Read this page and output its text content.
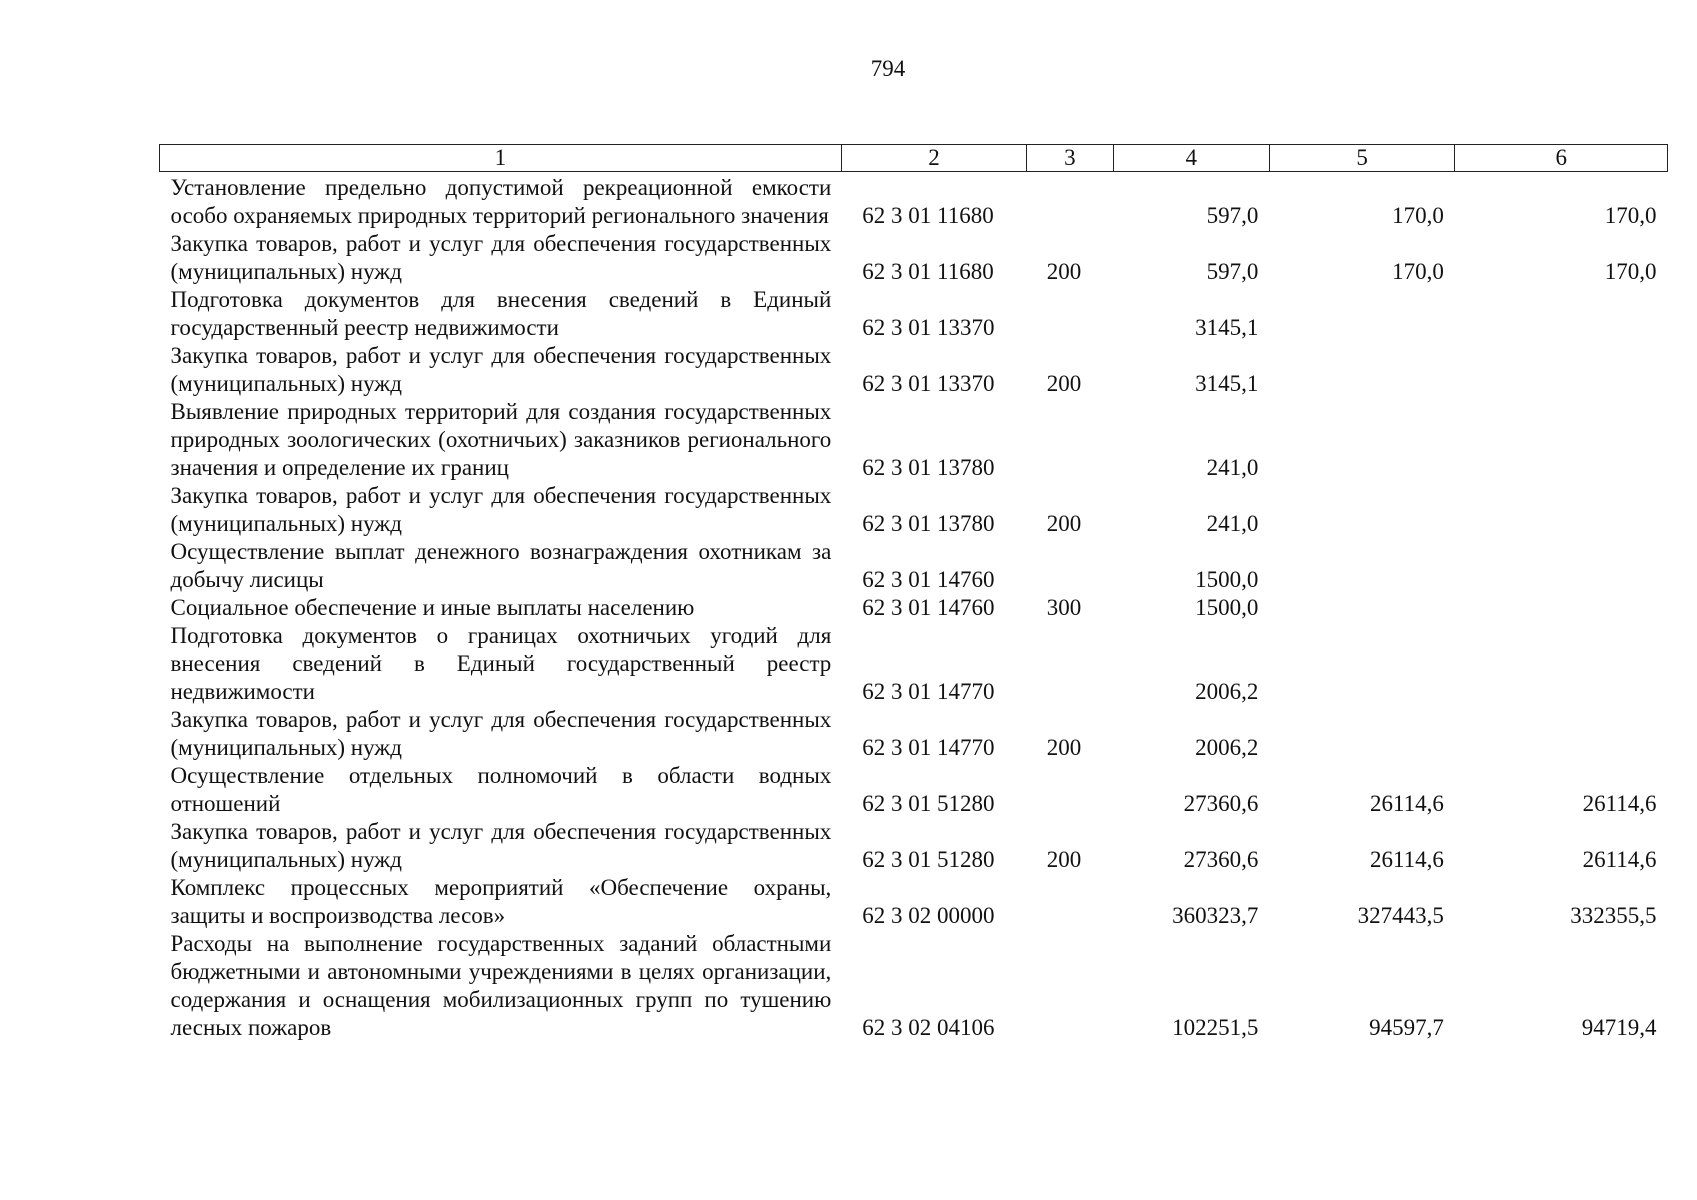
794
1	2	3	4	5	6
Установление предельно допустимой рекреационной емкости особо охраняемых природных территорий регионального значения	62 3 01 11680		597,0	170,0	170,0
Закупка товаров, работ и услуг для обеспечения государственных (муниципальных) нужд	62 3 01 11680	200	597,0	170,0	170,0
Подготовка документов для внесения сведений в Единый государственный реестр недвижимости	62 3 01 13370		3145,1		
Закупка товаров, работ и услуг для обеспечения государственных (муниципальных) нужд	62 3 01 13370	200	3145,1		
Выявление природных территорий для создания государственных природных зоологических (охотничьих) заказников регионального значения и определение их границ	62 3 01 13780		241,0		
Закупка товаров, работ и услуг для обеспечения государственных (муниципальных) нужд	62 3 01 13780	200	241,0		
Осуществление выплат денежного вознаграждения охотникам за добычу лисицы	62 3 01 14760		1500,0		
Социальное обеспечение и иные выплаты населению	62 3 01 14760	300	1500,0		
Подготовка документов о границах охотничьих угодий для внесения сведений в Единый государственный реестр недвижимости	62 3 01 14770		2006,2		
Закупка товаров, работ и услуг для обеспечения государственных (муниципальных) нужд	62 3 01 14770	200	2006,2		
Осуществление отдельных полномочий в области водных отношений	62 3 01 51280		27360,6	26114,6	26114,6
Закупка товаров, работ и услуг для обеспечения государственных (муниципальных) нужд	62 3 01 51280	200	27360,6	26114,6	26114,6
Комплекс процессных мероприятий «Обеспечение охраны, защиты и воспроизводства лесов»	62 3 02 00000		360323,7	327443,5	332355,5
Расходы на выполнение государственных заданий областными бюджетными и автономными учреждениями в целях организации, содержания и оснащения мобилизационных групп по тушению лесных пожаров	62 3 02 04106		102251,5	94597,7	94719,4
